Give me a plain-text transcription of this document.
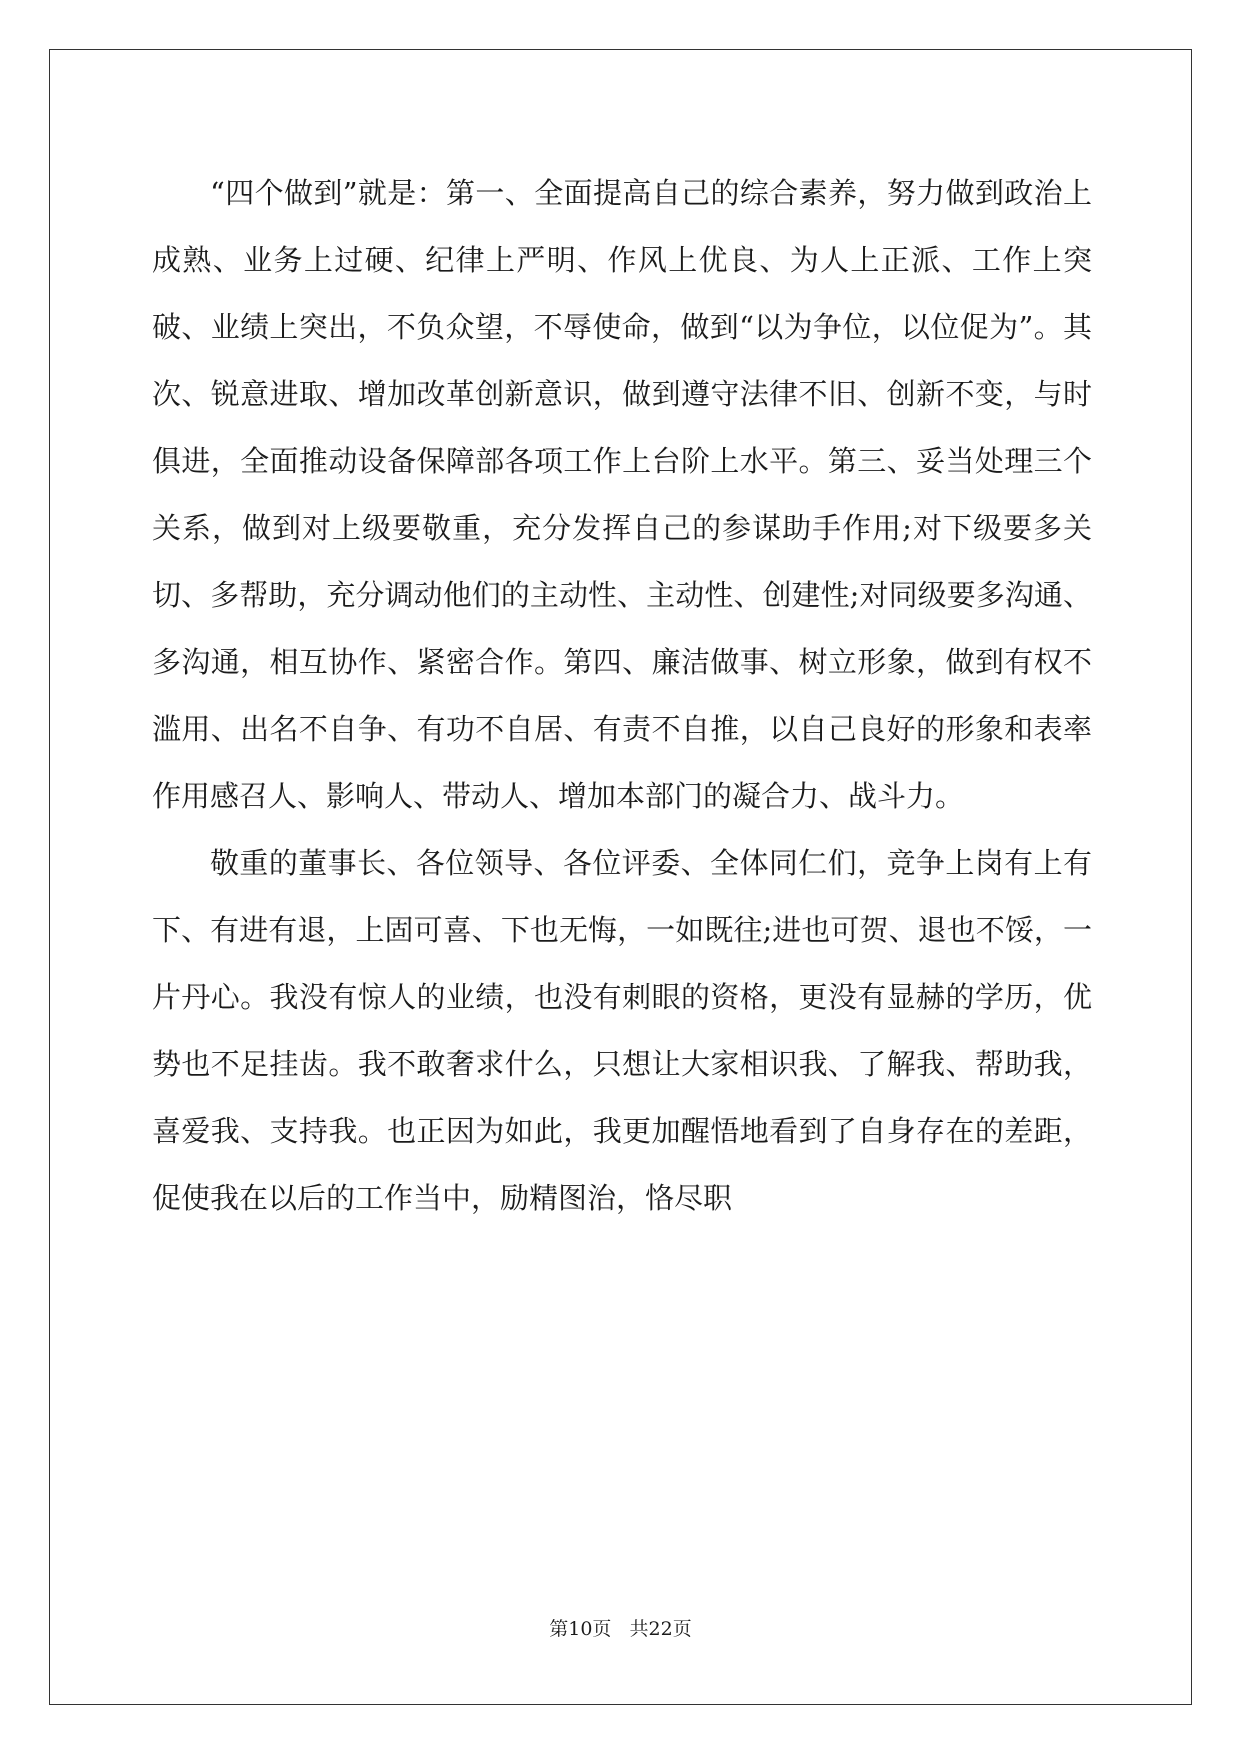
“四个做到”就是：第一、全面提高自己的综合素养，努力做到政治上成熟、业务上过硬、纪律上严明、作风上优良、为人上正派、工作上突破、业绩上突出，不负众望，不辱使命，做到“以为争位，以位促为”。其次、锐意进取、增加改革创新意识，做到遵守法律不旧、创新不变，与时俱进，全面推动设备保障部各项工作上台阶上水平。第三、妥当处理三个关系，做到对上级要敬重，充分发挥自己的参谋助手作用;对下级要多关切、多帮助，充分调动他们的主动性、主动性、创建性;对同级要多沟通、多沟通，相互协作、紧密合作。第四、廉洁做事、树立形象，做到有权不滥用、出名不自争、有功不自居、有责不自推，以自己良好的形象和表率作用感召人、影响人、带动人、增加本部门的凝合力、战斗力。

敬重的董事长、各位领导、各位评委、全体同仁们，竞争上岗有上有下、有进有退，上固可喜、下也无悔，一如既往;进也可贺、退也不馁，一片丹心。我没有惊人的业绩，也没有刺眼的资格，更没有显赫的学历，优势也不足挂齿。我不敢奢求什么，只想让大家相识我、了解我、帮助我，喜爱我、支持我。也正因为如此，我更加醒悟地看到了自身存在的差距，促使我在以后的工作当中，励精图治，恪尽职

第10页   共22页
